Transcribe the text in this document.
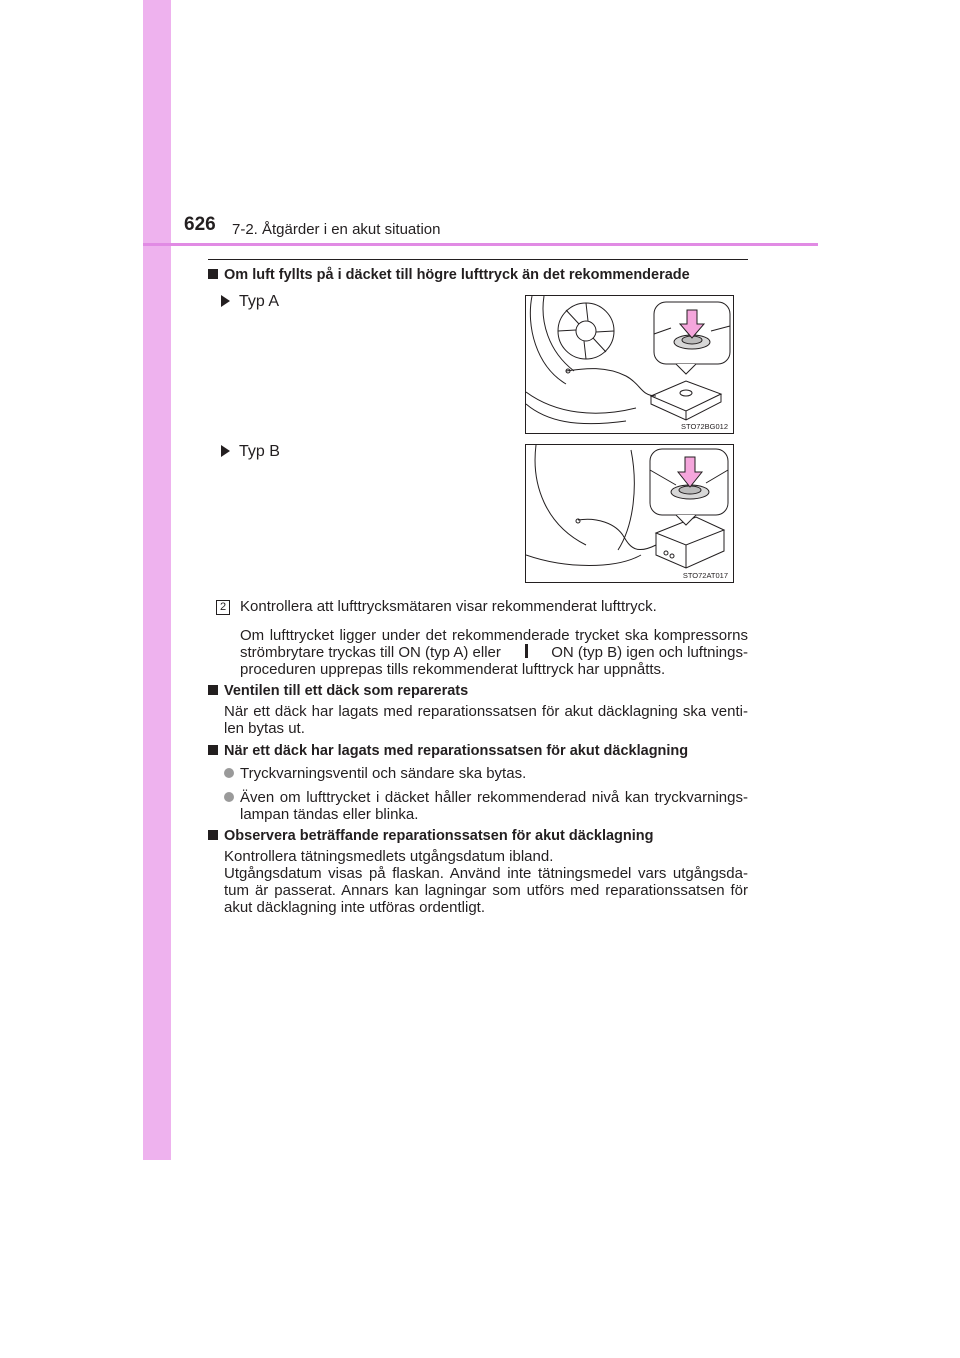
626 7-2. Åtgärder i en akut situation
Om luft fyllts på i däcket till högre lufttryck än det rekommenderade
Typ A
STO72BG012
Typ B
STO72AT017
2 Kontrollera att lufttrycksmätaren visar rekommenderat lufttryck.
Om lufttrycket ligger under det rekommenderade trycket ska kompressorns
strömbrytare tryckas till ON (typ A) eller	ON (typ B) igen och luftnings-
proceduren upprepas tills rekommenderat lufttryck har uppnåtts.
Ventilen till ett däck som reparerats
När ett däck har lagats med reparationssatsen för akut däcklagning ska venti-
len bytas ut.
När ett däck har lagats med reparationssatsen för akut däcklagning
Tryckvarningsventil och sändare ska bytas.
Även om lufttrycket i däcket håller rekommenderad nivå kan tryckvarnings-
lampan tändas eller blinka.
Observera beträffande reparationssatsen för akut däcklagning
Kontrollera tätningsmedlets utgångsdatum ibland.
Utgångsdatum visas på flaskan. Använd inte tätningsmedel vars utgångsda-
tum är passerat. Annars kan lagningar som utförs med reparationssatsen för
akut däcklagning inte utföras ordentligt.
